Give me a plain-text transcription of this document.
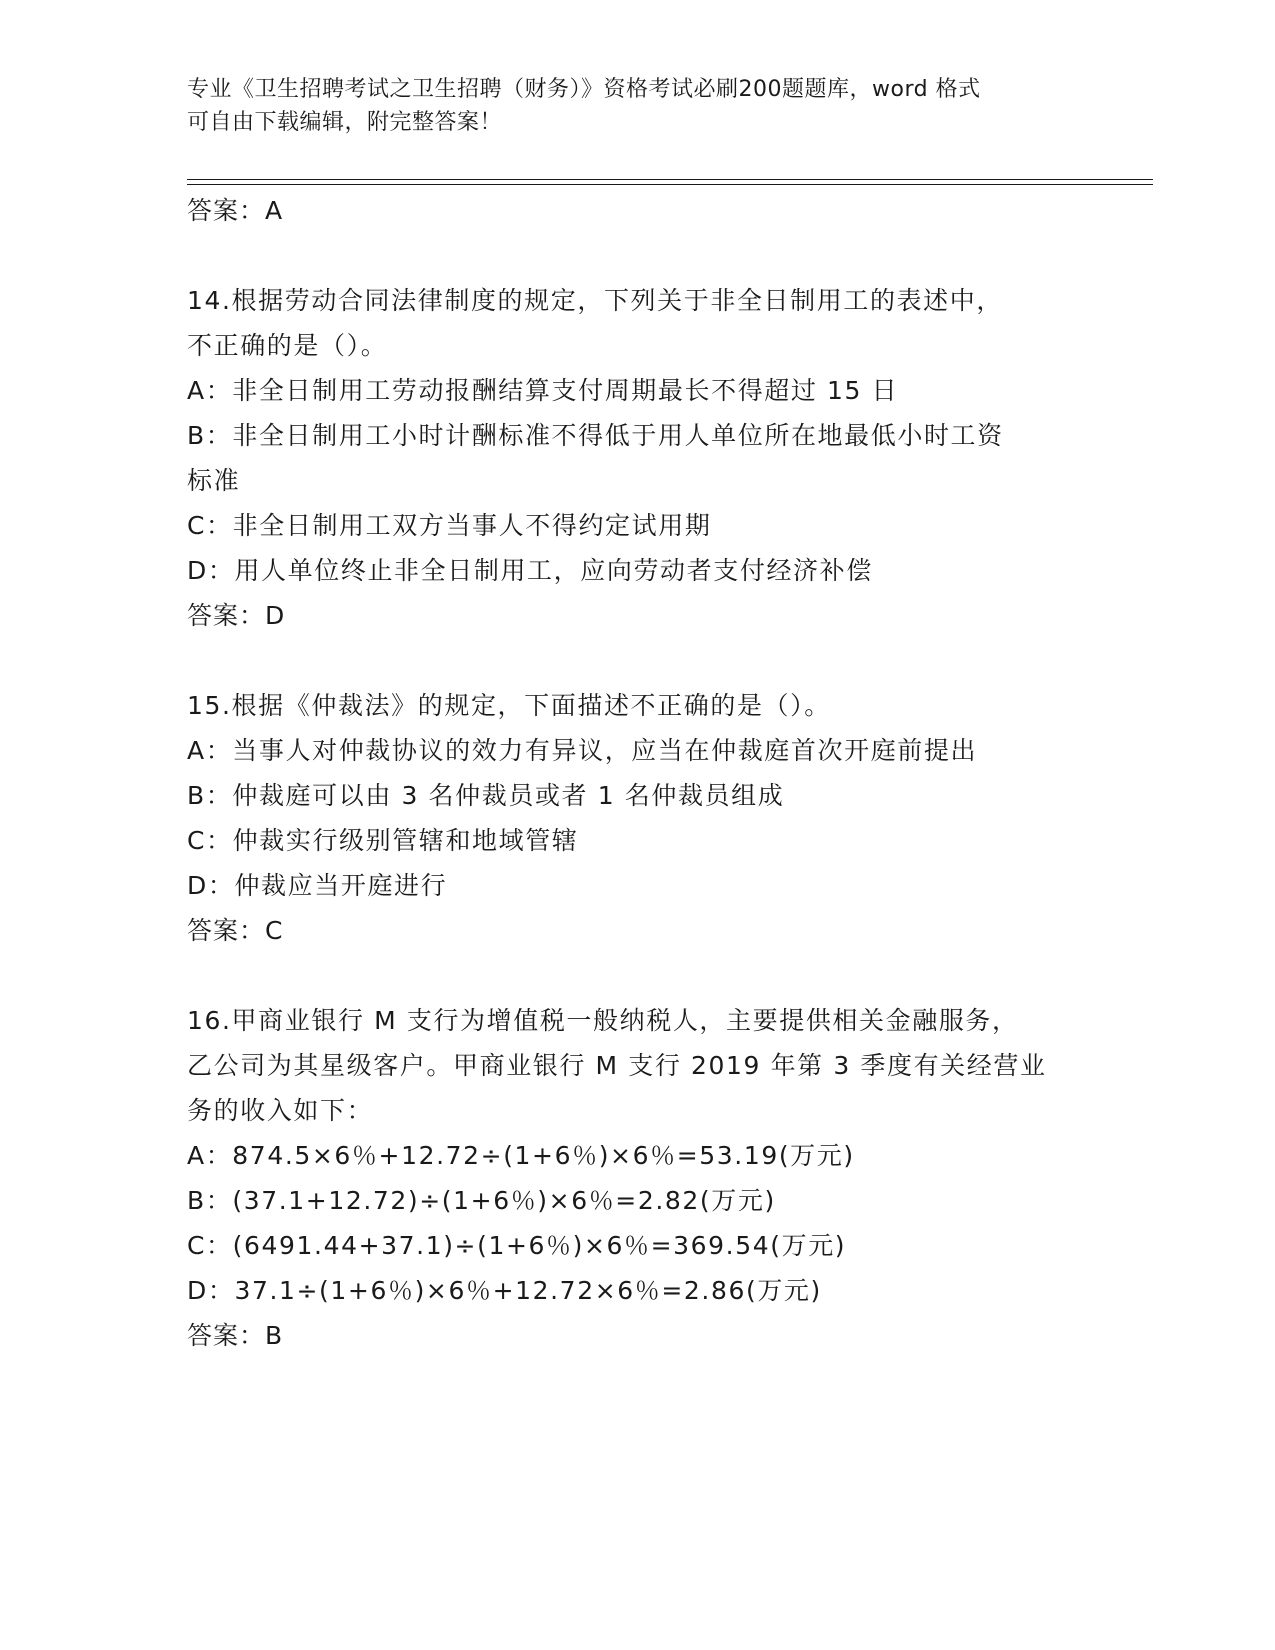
专业《卫生招聘考试之卫生招聘（财务）》资格考试必刷200题题库，word 格式
可自由下载编辑，附完整答案！
答案：A
14.根据劳动合同法律制度的规定，下列关于非全日制用工的表述中，
不正确的是（）。
A：非全日制用工劳动报酬结算支付周期最长不得超过 15 日
B：非全日制用工小时计酬标准不得低于用人单位所在地最低小时工资
标准
C：非全日制用工双方当事人不得约定试用期
D：用人单位终止非全日制用工，应向劳动者支付经济补偿
答案：D
15.根据《仲裁法》的规定，下面描述不正确的是（）。
A：当事人对仲裁协议的效力有异议，应当在仲裁庭首次开庭前提出
B：仲裁庭可以由 3 名仲裁员或者 1 名仲裁员组成
C：仲裁实行级别管辖和地域管辖
D：仲裁应当开庭进行
答案：C
16.甲商业银行 M 支行为增值税一般纳税人，主要提供相关金融服务，
乙公司为其星级客户。甲商业银行 M 支行 2019 年第 3 季度有关经营业
务的收入如下：
A：874.5×6％+12.72÷(1+6％)×6％=53.19(万元)
B：(37.1+12.72)÷(1+6％)×6％=2.82(万元)
C：(6491.44+37.1)÷(1+6％)×6％=369.54(万元)
D：37.1÷(1+6％)×6％+12.72×6％=2.86(万元)
答案：B
